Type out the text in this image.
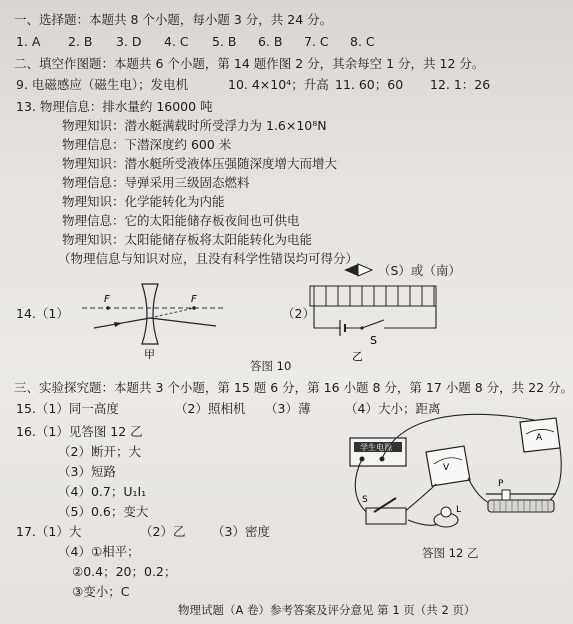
一、选择题：本题共 8 个小题，每小题 3 分，共 24 分。
1. A 2. B 3. D 4. C 5. B 6. B 7. C 8. C
二、填空作图题：本题共 6 个小题，第 14 题作图 2 分，其余每空 1 分，共 12 分。
9. 电磁感应（磁生电）；发电机	10. 4×10⁴；升高 11. 60；60 12. 1：26
13. 物理信息：排水量约 16000 吨
物理知识：潜水艇满载时所受浮力为 1.6×10⁸N
物理信息：下潜深度约 600 米
物理知识：潜水艇所受液体压强随深度增大而增大
物理信息：导弹采用三级固态燃料
物理知识：化学能转化为内能
物理信息：它的太阳能储存板夜间也可供电
物理知识：太阳能储存板将太阳能转化为电能
（物理信息与知识对应，且没有科学性错误均可得分）
14.（1）
F	F
甲
（2）
S
乙
（S）或（南）
答图 10
三、实验探究题：本题共 3 个小题，第 15 题 6 分，第 16 小题 8 分，第 17 小题 8 分，共 22 分。
15.（1）同一高度	（2）照相机 （3）薄	（4）大小；距离
16.（1）见答图 12 乙
（2）断开；大
（3）短路
（4）0.7；U₁I₁
（5）0.6；变大
17.（1）大	（2）乙 （3）密度
（4）①相平；
②0.4；20；0.2；
③变小；C
学生电源
V
A
S
L
P
答图 12 乙
物理试题（A 卷）参考答案及评分意见 第 1 页（共 2 页）
